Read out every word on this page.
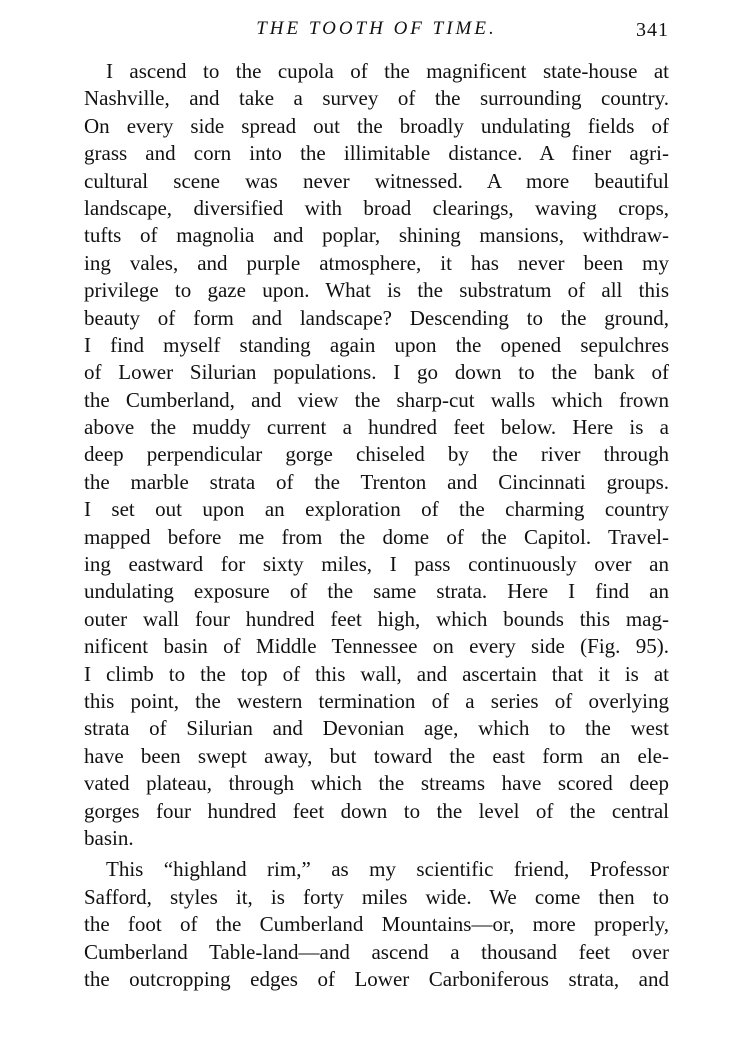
THE TOOTH OF TIME.	341
I ascend to the cupola of the magnificent state-house at
Nashville, and take a survey of the surrounding country.
On every side spread out the broadly undulating fields of
grass and corn into the illimitable distance. A finer agri-
cultural scene was never witnessed. A more beautiful
landscape, diversified with broad clearings, waving crops,
tufts of magnolia and poplar, shining mansions, withdraw-
ing vales, and purple atmosphere, it has never been my
privilege to gaze upon. What is the substratum of all this
beauty of form and landscape? Descending to the ground,
I find myself standing again upon the opened sepulchres
of Lower Silurian populations. I go down to the bank of
the Cumberland, and view the sharp-cut walls which frown
above the muddy current a hundred feet below. Here is a
deep perpendicular gorge chiseled by the river through
the marble strata of the Trenton and Cincinnati groups.
I set out upon an exploration of the charming country
mapped before me from the dome of the Capitol. Travel-
ing eastward for sixty miles, I pass continuously over an
undulating exposure of the same strata. Here I find an
outer wall four hundred feet high, which bounds this mag-
nificent basin of Middle Tennessee on every side (Fig. 95).
I climb to the top of this wall, and ascertain that it is at
this point, the western termination of a series of overlying
strata of Silurian and Devonian age, which to the west
have been swept away, but toward the east form an ele-
vated plateau, through which the streams have scored deep
gorges four hundred feet down to the level of the central
basin.
This “highland rim,” as my scientific friend, Professor
Safford, styles it, is forty miles wide. We come then to
the foot of the Cumberland Mountains—or, more properly,
Cumberland Table-land—and ascend a thousand feet over
the outcropping edges of Lower Carboniferous strata, and
